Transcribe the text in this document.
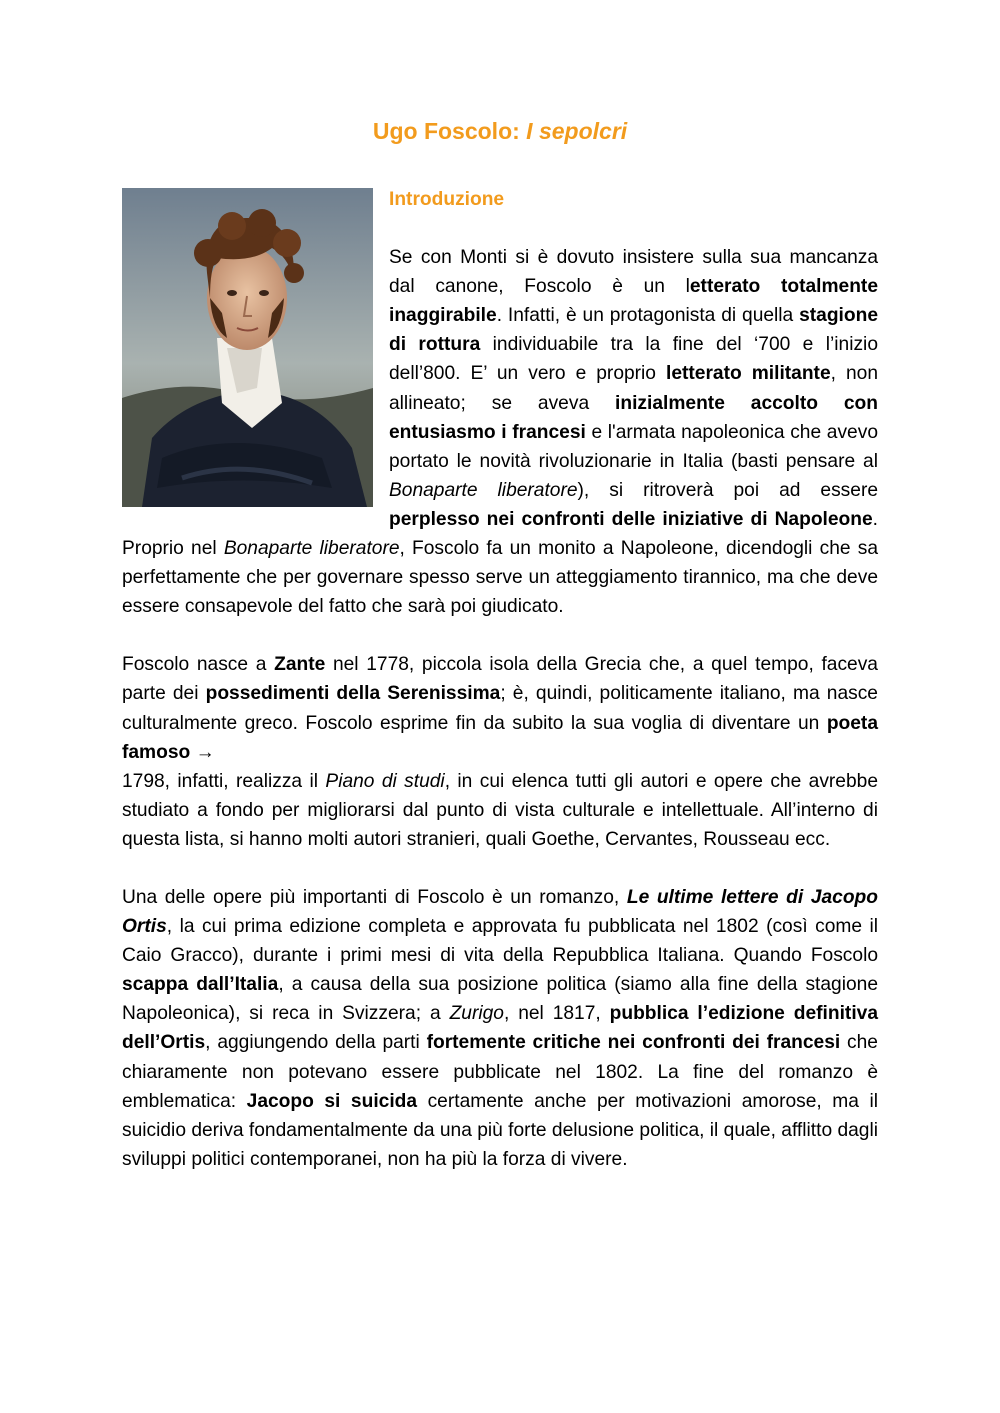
Ugo Foscolo: I sepolcri
Introduzione

Se con Monti si è dovuto insistere sulla sua mancanza dal canone, Foscolo è un letterato totalmente inaggirabile. Infatti, è un protagonista di quella stagione di rottura individuabile tra la fine del ‘700 e l’inizio dell’800. E’ un vero e proprio letterato militante, non allineato; se aveva inizialmente accolto con entusiasmo i francesi e l'armata napoleonica che avevo portato le novità rivoluzionarie in Italia (basti pensare al Bonaparte liberatore), si ritroverà poi ad essere perplesso nei confronti delle iniziative di Napoleone. Proprio nel Bonaparte liberatore, Foscolo fa un monito a Napoleone, dicendogli che sa perfettamente che per governare spesso serve un atteggiamento tirannico, ma che deve essere consapevole del fatto che sarà poi giudicato.

Foscolo nasce a Zante nel 1778, piccola isola della Grecia che, a quel tempo, faceva parte dei possedimenti della Serenissima; è, quindi, politicamente italiano, ma nasce culturalmente greco. Foscolo esprime fin da subito la sua voglia di diventare un poeta famoso →
1798, infatti, realizza il Piano di studi, in cui elenca tutti gli autori e opere che avrebbe studiato a fondo per migliorarsi dal punto di vista culturale e intellettuale. All’interno di questa lista, si hanno molti autori stranieri, quali Goethe, Cervantes, Rousseau ecc.

Una delle opere più importanti di Foscolo è un romanzo, Le ultime lettere di Jacopo Ortis, la cui prima edizione completa e approvata fu pubblicata nel 1802 (così come il Caio Gracco), durante i primi mesi di vita della Repubblica Italiana. Quando Foscolo scappa dall’Italia, a causa della sua posizione politica (siamo alla fine della stagione Napoleonica), si reca in Svizzera; a Zurigo, nel 1817, pubblica l’edizione definitiva dell’Ortis, aggiungendo della parti fortemente critiche nei confronti dei francesi che chiaramente non potevano essere pubblicate nel 1802. La fine del romanzo è emblematica: Jacopo si suicida certamente anche per motivazioni amorose, ma il suicidio deriva fondamentalmente da una più forte delusione politica, il quale, afflitto dagli sviluppi politici contemporanei, non ha più la forza di vivere.
